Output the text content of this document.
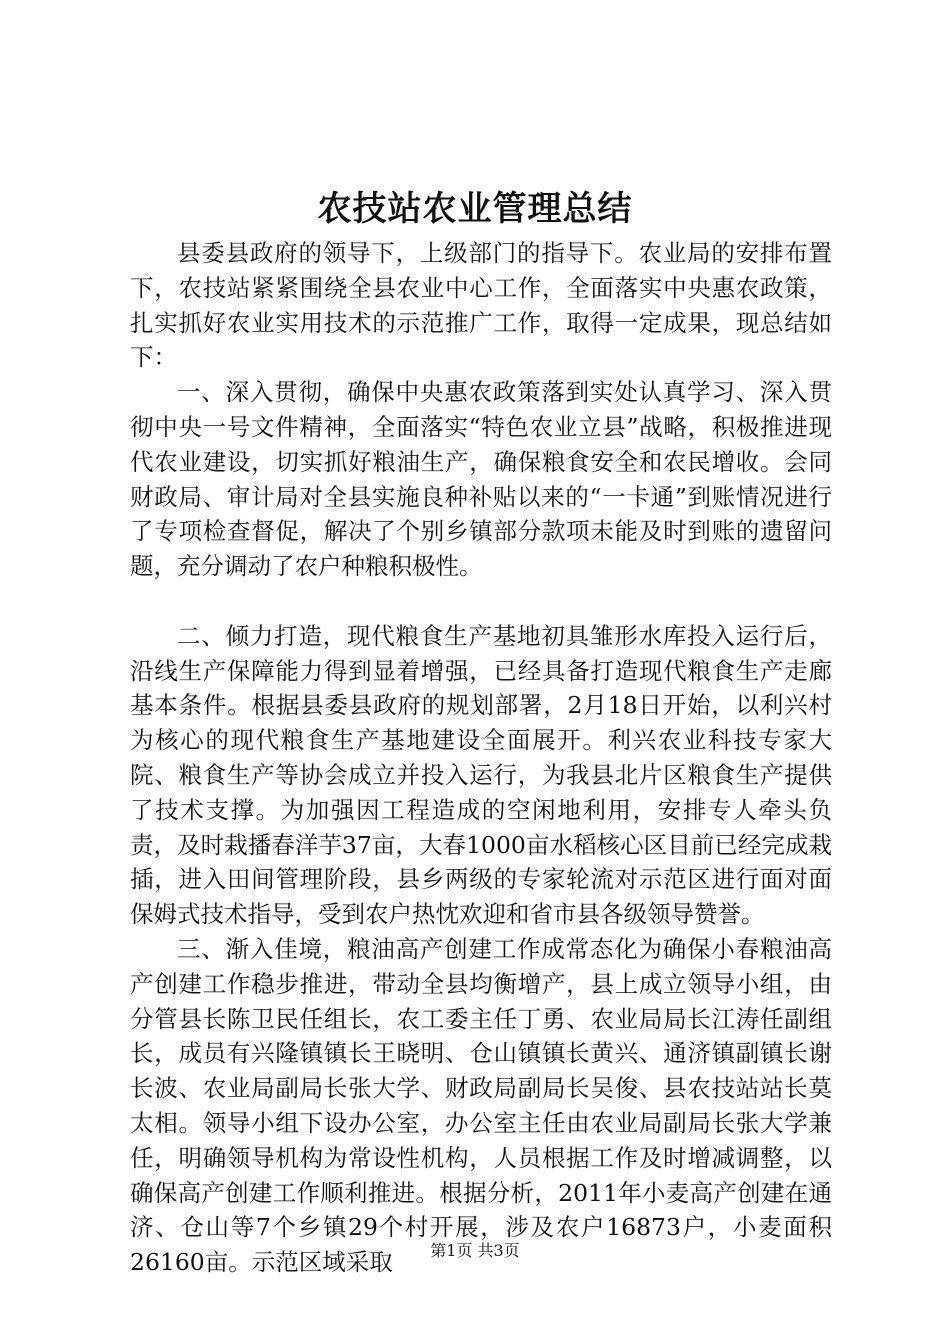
农技站农业管理总结

县委县政府的领导下，上级部门的指导下。农业局的安排布置下，农技站紧紧围绕全县农业中心工作，全面落实中央惠农政策，扎实抓好农业实用技术的示范推广工作，取得一定成果，现总结如下：

一、深入贯彻，确保中央惠农政策落到实处认真学习、深入贯彻中央一号文件精神，全面落实“特色农业立县”战略，积极推进现代农业建设，切实抓好粮油生产，确保粮食安全和农民增收。会同财政局、审计局对全县实施良种补贴以来的“一卡通”到账情况进行了专项检查督促，解决了个别乡镇部分款项未能及时到账的遗留问题，充分调动了农户种粮积极性。

二、倾力打造，现代粮食生产基地初具雏形水库投入运行后，沿线生产保障能力得到显着增强，已经具备打造现代粮食生产走廊基本条件。根据县委县政府的规划部署，2月18日开始，以利兴村为核心的现代粮食生产基地建设全面展开。利兴农业科技专家大院、粮食生产等协会成立并投入运行，为我县北片区粮食生产提供了技术支撑。为加强因工程造成的空闲地利用，安排专人牵头负责，及时栽播春洋芋37亩，大春1000亩水稻核心区目前已经完成栽插，进入田间管理阶段，县乡两级的专家轮流对示范区进行面对面保姆式技术指导，受到农户热忱欢迎和省市县各级领导赞誉。

三、渐入佳境，粮油高产创建工作成常态化为确保小春粮油高产创建工作稳步推进，带动全县均衡增产，县上成立领导小组，由分管县长陈卫民任组长，农工委主任丁勇、农业局局长江涛任副组长，成员有兴隆镇镇长王晓明、仓山镇镇长黄兴、通济镇副镇长谢长波、农业局副局长张大学、财政局副局长吴俊、县农技站站长莫太相。领导小组下设办公室，办公室主任由农业局副局长张大学兼任，明确领导机构为常设性机构，人员根据工作及时增减调整，以确保高产创建工作顺利推进。根据分析，2011年小麦高产创建在通济、仓山等7个乡镇29个村开展，涉及农户16873户，小麦面积26160亩。示范区域采取	第1页 共3页
